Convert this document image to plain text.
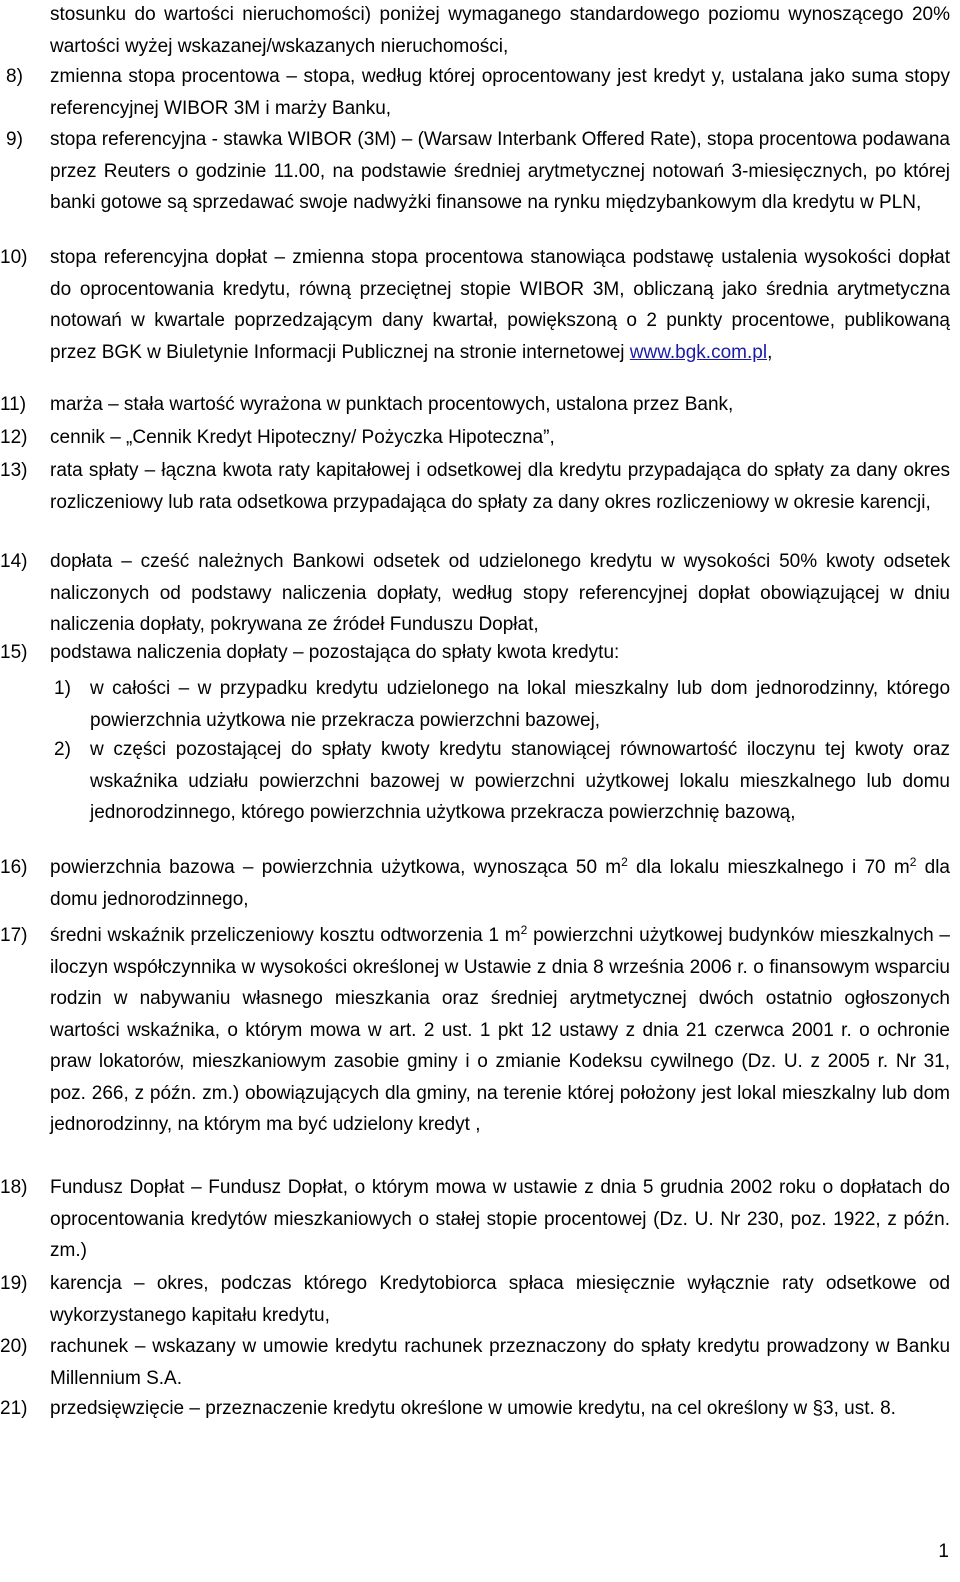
stosunku do wartości nieruchomości) poniżej wymaganego standardowego poziomu wynoszącego 20% wartości wyżej wskazanej/wskazanych nieruchomości,
8) zmienna stopa procentowa – stopa, według której oprocentowany jest kredyt y, ustalana jako suma stopy referencyjnej WIBOR 3M i marży Banku,
9) stopa referencyjna - stawka WIBOR (3M) – (Warsaw Interbank Offered Rate), stopa procentowa podawana przez Reuters o godzinie 11.00, na podstawie średniej arytmetycznej notowań 3-miesięcznych, po której banki gotowe są sprzedawać swoje nadwyżki finansowe na rynku międzybankowym dla kredytu w PLN,
10) stopa referencyjna dopłat – zmienna stopa procentowa stanowiąca podstawę ustalenia wysokości dopłat do oprocentowania kredytu, równą przeciętnej stopie WIBOR 3M, obliczaną jako średnia arytmetyczna notowań w kwartale poprzedzającym dany kwartał, powiększoną o 2 punkty procentowe, publikowaną przez BGK w Biuletynie Informacji Publicznej na stronie internetowej www.bgk.com.pl,
11) marża – stała wartość wyrażona w punktach procentowych, ustalona przez Bank,
12) cennik – „Cennik Kredyt Hipoteczny/ Pożyczka Hipoteczna”,
13) rata spłaty – łączna kwota raty kapitałowej i odsetkowej dla kredytu przypadająca do spłaty za dany okres rozliczeniowy lub rata odsetkowa przypadająca do spłaty za dany okres rozliczeniowy w okresie karencji,
14) dopłata – cześć należnych Bankowi odsetek od udzielonego kredytu w wysokości 50% kwoty odsetek naliczonych od podstawy naliczenia dopłaty, według stopy referencyjnej dopłat obowiązującej w dniu naliczenia dopłaty, pokrywana ze źródeł Funduszu Dopłat,
15) podstawa naliczenia dopłaty – pozostająca do spłaty kwota kredytu:
1) w całości – w przypadku kredytu udzielonego na lokal mieszkalny lub dom jednorodzinny, którego powierzchnia użytkowa nie przekracza powierzchni bazowej,
2) w części pozostającej do spłaty kwoty kredytu stanowiącej równowartość iloczynu tej kwoty oraz wskaźnika udziału powierzchni bazowej w powierzchni użytkowej lokalu mieszkalnego lub domu jednorodzinnego, którego powierzchnia użytkowa przekracza powierzchnię bazową,
16) powierzchnia bazowa – powierzchnia użytkowa, wynosząca 50 $m^2$ dla lokalu mieszkalnego i 70 $m^2$ dla domu jednorodzinnego,
17) średni wskaźnik przeliczeniowy kosztu odtworzenia 1 $m^2$ powierzchni użytkowej budynków mieszkalnych – iloczyn współczynnika w wysokości określonej w Ustawie z dnia 8 września 2006 r. o finansowym wsparciu rodzin w nabywaniu własnego mieszkania oraz średniej arytmetycznej dwóch ostatnio ogłoszonych wartości wskaźnika, o którym mowa w art. 2 ust. 1 pkt 12 ustawy z dnia 21 czerwca 2001 r. o ochronie praw lokatorów, mieszkaniowym zasobie gminy i o zmianie Kodeksu cywilnego (Dz. U. z 2005 r. Nr 31, poz. 266, z późn. zm.) obowiązujących dla gminy, na terenie której położony jest lokal mieszkalny lub dom jednorodzinny, na którym ma być udzielony kredyt ,
18) Fundusz Dopłat – Fundusz Dopłat, o którym mowa w ustawie z dnia 5 grudnia 2002 roku o dopłatach do oprocentowania kredytów mieszkaniowych o stałej stopie procentowej (Dz. U. Nr 230, poz. 1922, z późn. zm.)
19) karencja – okres, podczas którego Kredytobiorca spłaca miesięcznie wyłącznie raty odsetkowe od wykorzystanego kapitału kredytu,
20) rachunek – wskazany w umowie kredytu rachunek przeznaczony do spłaty kredytu prowadzony w Banku Millennium S.A.
21) przedsięwzięcie – przeznaczenie kredytu określone w umowie kredytu, na cel określony w §3, ust. 8.
1
